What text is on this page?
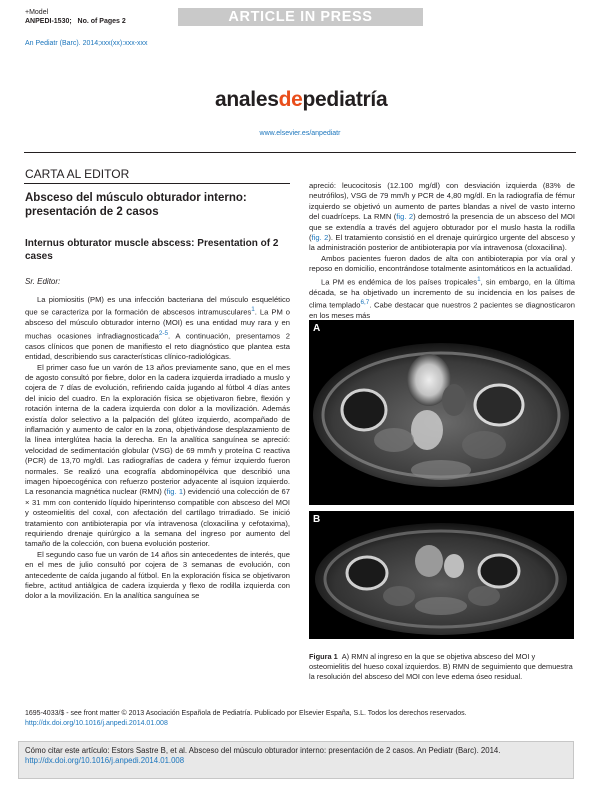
+Model
ANPEDI-1530; No. of Pages 2	ARTICLE IN PRESS
An Pediatr (Barc). 2014;xxx(xx):xxx-xxx
analesdepediatría
www.elsevier.es/anpediatr
CARTA AL EDITOR
Absceso del músculo obturador interno: presentación de 2 casos
Internus obturator muscle abscess: Presentation of 2 cases
Sr. Editor:

La piomiositis (PM) es una infección bacteriana del músculo esquelético que se caracteriza por la formación de abscesos intramusculares$^1$. La PM o absceso del músculo obturador interno (MOI) es una entidad muy rara y en muchas ocasiones infradiagnosticada$^{2-5}$. A continuación, presentamos 2 casos clínicos que ponen de manifiesto el reto diagnóstico que plantea esta entidad, describiendo sus características clínico-radiológicas.

El primer caso fue un varón de 13 años previamente sano, que en el mes de agosto consultó por fiebre, dolor en la cadera izquierda irradiado a muslo y cojera de 7 días de evolución, refiriendo caída jugando al fútbol 4 días antes del inicio del cuadro. En la exploración física se objetivaron fiebre, flexión y rotación interna de la cadera izquierda con dolor a la movilización. Además existía dolor selectivo a la palpación del glúteo izquierdo, acompañado de inflamación y aumento de calor en la zona, objetivándose desplazamiento de la línea interglútea hacia la derecha. En la analítica sanguínea se apreció: velocidad de sedimentación globular (VSG) de 69 mm/h y proteína C reactiva (PCR) de 13,70 mg/dl. Las radiografías de cadera y fémur izquierdo fueron normales. Se realizó una ecografía abdominopélvica que describió una imagen hipoecogénica con refuerzo posterior adyacente al isquion izquierdo. La resonancia magnética nuclear (RMN) (fig. 1) evidenció una colección de 67 × 31 mm con contenido líquido hiperintenso compatible con absceso del MOI y osteomielitis del coxal, con afectación del cartílago trirradiado. Se inició tratamiento con antibioterapia por vía intravenosa (cloxacilina y cefotaxima), requiriendo drenaje quirúrgico a la semana del ingreso por aumento del tamaño de la colección, con buena evolución posterior.

El segundo caso fue un varón de 14 años sin antecedentes de interés, que en el mes de julio consultó por cojera de 3 semanas de evolución, con antecedente de caída jugando al fútbol. En la exploración física se objetivaron fiebre, actitud antiálgica de cadera izquierda y flexo de rodilla izquierda con dolor a la movilización. En la analítica sanguínea se

apreció: leucocitosis (12.100 mg/dl) con desviación izquierda (83% de neutrófilos), VSG de 79 mm/h y PCR de 4,80 mg/dl. En la radiografía de fémur izquierdo se objetivó un aumento de partes blandas a nivel de vasto interno del cuadríceps. La RMN (fig. 2) demostró la presencia de un absceso del MOI que se extendía a través del agujero obturador por el muslo hasta la rodilla (fig. 2). El tratamiento consistió en el drenaje quirúrgico urgente del absceso y la administración posterior de antibioterapia por vía intravenosa (cloxacilina).

Ambos pacientes fueron dados de alta con antibioterapia por vía oral y reposo en domicilio, encontrándose totalmente asintomáticos en la actualidad.

La PM es endémica de los países tropicales$^1$, sin embargo, en la última década, se ha objetivado un incremento de su incidencia en los países de clima templado$^{6,7}$. Cabe destacar que nuestros 2 pacientes se diagnosticaron en los meses más

A
B
Figura 1 A) RMN al ingreso en la que se objetiva absceso del MOI y osteomielitis del hueso coxal izquierdos. B) RMN de seguimiento que demuestra la resolución del absceso del MOI con leve edema óseo residual.
1695-4033/$ - see front matter © 2013 Asociación Española de Pediatría. Publicado por Elsevier España, S.L. Todos los derechos reservados.
http://dx.doi.org/10.1016/j.anpedi.2014.01.008
Cómo citar este artículo: Estors Sastre B, et al. Absceso del músculo obturador interno: presentación de 2 casos. An Pediatr (Barc). 2014. http://dx.doi.org/10.1016/j.anpedi.2014.01.008
